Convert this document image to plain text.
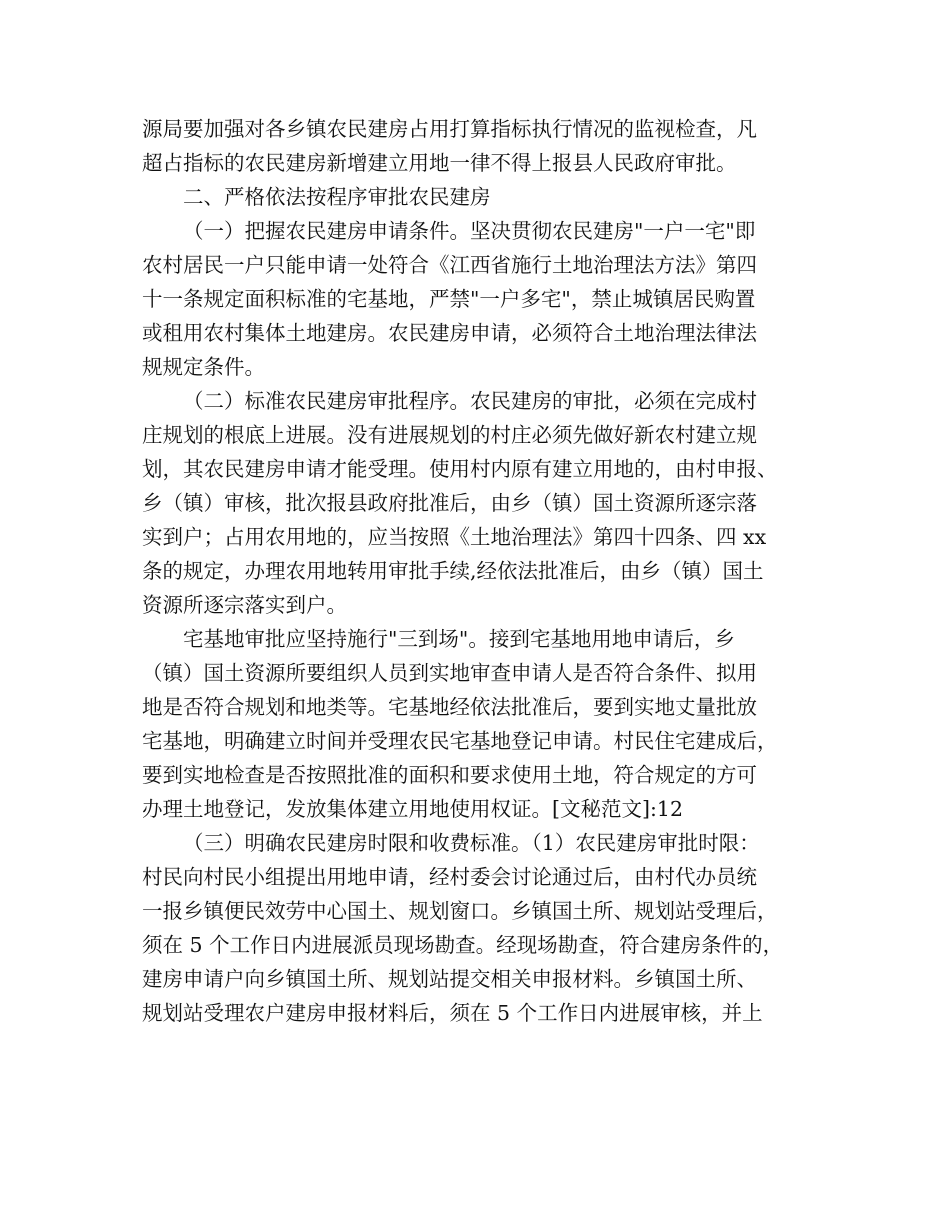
源局要加强对各乡镇农民建房占用打算指标执行情况的监视检查，凡
超占指标的农民建房新增建立用地一律不得上报县人民政府审批。
二、严格依法按程序审批农民建房
（一）把握农民建房申请条件。坚决贯彻农民建房"一户一宅"即
农村居民一户只能申请一处符合《江西省施行土地治理法方法》第四
十一条规定面积标准的宅基地，严禁"一户多宅"，禁止城镇居民购置
或租用农村集体土地建房。农民建房申请，必须符合土地治理法律法
规规定条件。
（二）标准农民建房审批程序。农民建房的审批，必须在完成村
庄规划的根底上进展。没有进展规划的村庄必须先做好新农村建立规
划，其农民建房申请才能受理。使用村内原有建立用地的，由村申报、
乡（镇）审核，批次报县政府批准后，由乡（镇）国土资源所逐宗落
实到户；占用农用地的，应当按照《土地治理法》第四十四条、四 xx
条的规定，办理农用地转用审批手续,经依法批准后，由乡（镇）国土
资源所逐宗落实到户。
宅基地审批应坚持施行"三到场"。接到宅基地用地申请后，乡
（镇）国土资源所要组织人员到实地审查申请人是否符合条件、拟用
地是否符合规划和地类等。宅基地经依法批准后，要到实地丈量批放
宅基地，明确建立时间并受理农民宅基地登记申请。村民住宅建成后，
要到实地检查是否按照批准的面积和要求使用土地，符合规定的方可
办理土地登记，发放集体建立用地使用权证。[文秘范文]:12
（三）明确农民建房时限和收费标准。（1）农民建房审批时限：
村民向村民小组提出用地申请，经村委会讨论通过后，由村代办员统
一报乡镇便民效劳中心国土、规划窗口。乡镇国土所、规划站受理后，
须在 5 个工作日内进展派员现场勘查。经现场勘查，符合建房条件的，
建房申请户向乡镇国土所、规划站提交相关申报材料。乡镇国土所、
规划站受理农户建房申报材料后，须在 5 个工作日内进展审核，并上
